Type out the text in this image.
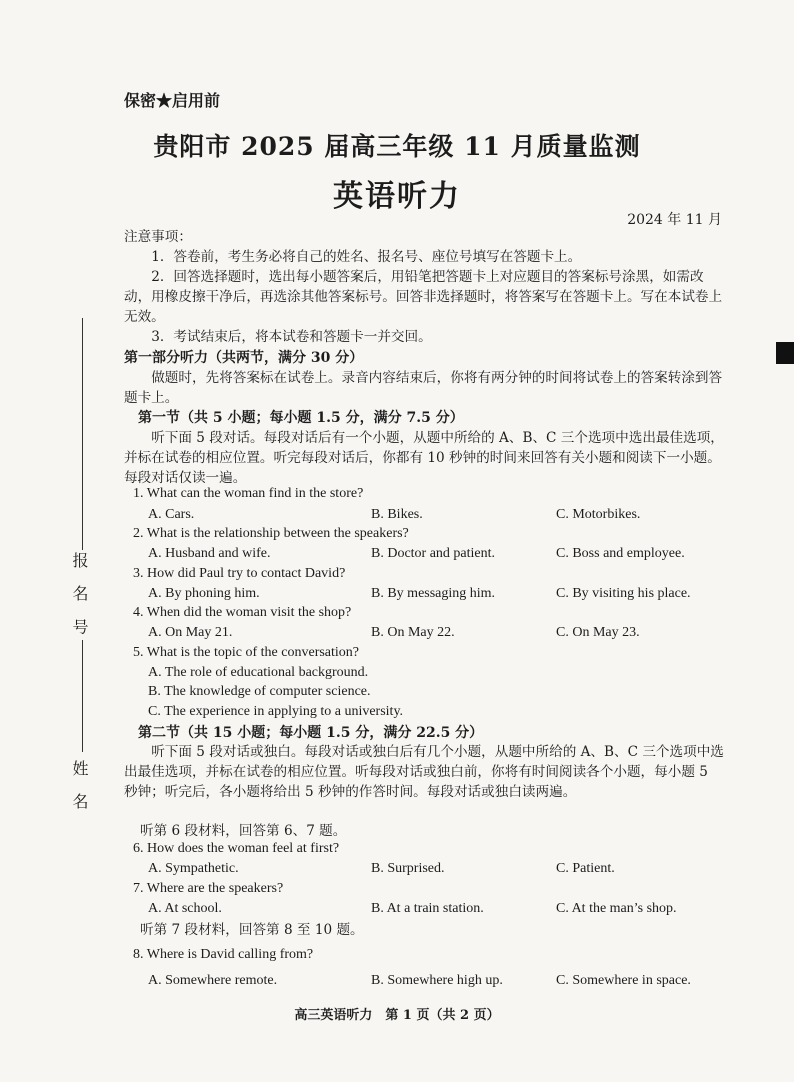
保密★启用前
贵阳市 2025 届高三年级 11 月质量监测
英语听力
2024 年 11 月
报 名 号
姓 名

注意事项：

1．答卷前，考生务必将自己的姓名、报名号、座位号填写在答题卡上。

2．回答选择题时，选出每小题答案后，用铅笔把答题卡上对应题目的答案标号涂黑，如需改动，用橡皮擦干净后，再选涂其他答案标号。回答非选择题时，将答案写在答题卡上。写在本试卷上无效。

3．考试结束后，将本试卷和答题卡一并交回。

第一部分听力（共两节，满分 30 分）
做题时，先将答案标在试卷上。录音内容结束后，你将有两分钟的时间将试卷上的答案转涂到答题卡上。
第一节（共 5 小题；每小题 1.5 分，满分 7.5 分）
听下面 5 段对话。每段对话后有一个小题，从题中所给的 A、B、C 三个选项中选出最佳选项，并标在试卷的相应位置。听完每段对话后，你都有 10 秒钟的时间来回答有关小题和阅读下一小题。每段对话仅读一遍。
1. What can the woman find in the store?
A. Cars.	B. Bikes.	C. Motorbikes.
2. What is the relationship between the speakers?
A. Husband and wife.	B. Doctor and patient.	C. Boss and employee.
3. How did Paul try to contact David?
A. By phoning him.	B. By messaging him.	C. By visiting his place.
4. When did the woman visit the shop?
A. On May 21.	B. On May 22.	C. On May 23.
5. What is the topic of the conversation?
A. The role of educational background.
B. The knowledge of computer science.
C. The experience in applying to a university.
第二节（共 15 小题；每小题 1.5 分，满分 22.5 分）
听下面 5 段对话或独白。每段对话或独白后有几个小题，从题中所给的 A、B、C 三个选项中选出最佳选项，并标在试卷的相应位置。听每段对话或独白前，你将有时间阅读各个小题，每小题 5 秒钟；听完后，各小题将给出 5 秒钟的作答时间。每段对话或独白读两遍。
听第 6 段材料，回答第 6、7 题。
6. How does the woman feel at first?
A. Sympathetic.	B. Surprised.	C. Patient.
7. Where are the speakers?
A. At school.	B. At a train station.	C. At the man’s shop.
听第 7 段材料，回答第 8 至 10 题。
8. Where is David calling from?
A. Somewhere remote.	B. Somewhere high up.	C. Somewhere in space.
高三英语听力　第 1 页（共 2 页）
